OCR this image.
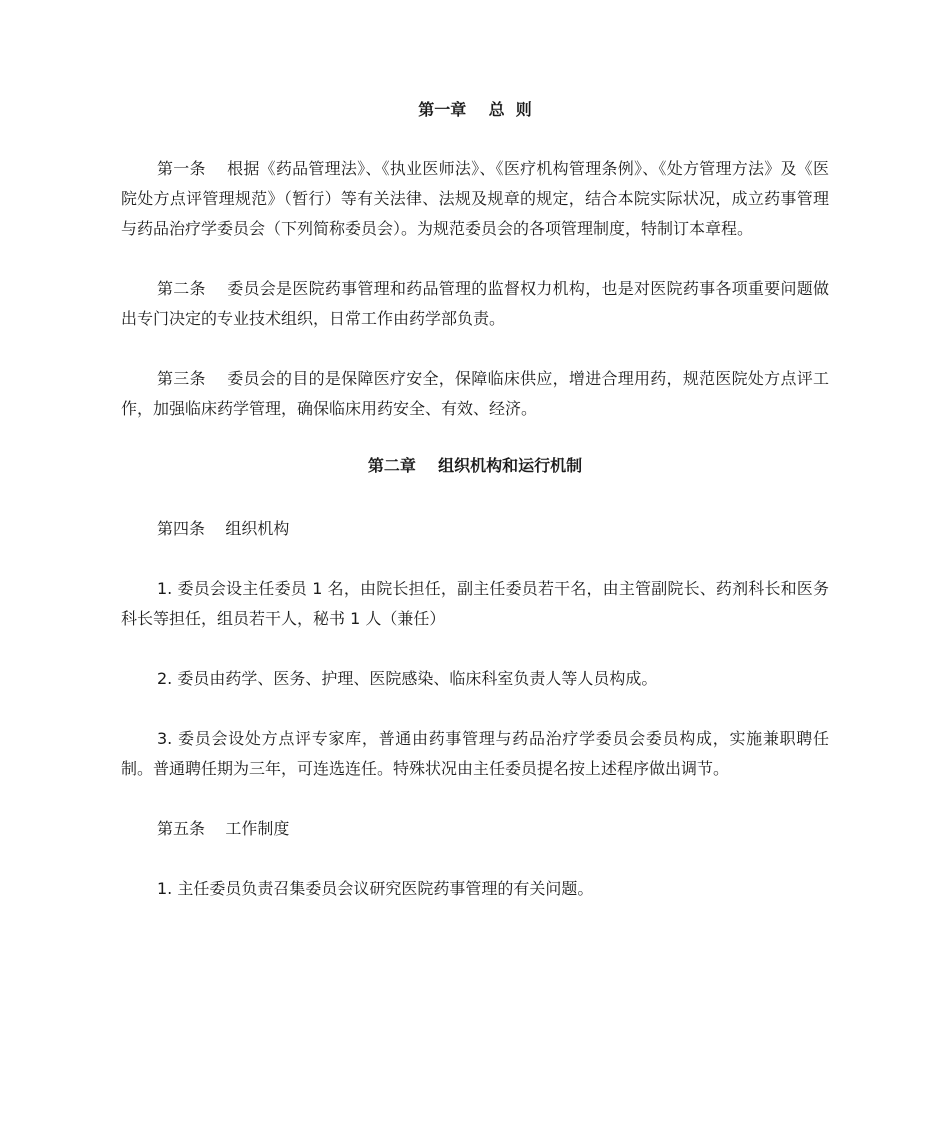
第一章    总  则

第一条    根据《药品管理法》、《执业医师法》、《医疗机构管理条例》、《处方管理方法》及《医院处方点评管理规范》（暂行）等有关法律、法规及规章的规定，结合本院实际状况，成立药事管理与药品治疗学委员会（下列简称委员会）。为规范委员会的各项管理制度，特制订本章程。

第二条    委员会是医院药事管理和药品管理的监督权力机构，也是对医院药事各项重要问题做出专门决定的专业技术组织，日常工作由药学部负责。

第三条    委员会的目的是保障医疗安全，保障临床供应，增进合理用药，规范医院处方点评工作，加强临床药学管理，确保临床用药安全、有效、经济。

第二章    组织机构和运行机制

第四条    组织机构

1. 委员会设主任委员 1 名，由院长担任，副主任委员若干名，由主管副院长、药剂科长和医务科长等担任，组员若干人，秘书 1 人（兼任）

2. 委员由药学、医务、护理、医院感染、临床科室负责人等人员构成。

3. 委员会设处方点评专家库，普通由药事管理与药品治疗学委员会委员构成，实施兼职聘任制。普通聘任期为三年，可连选连任。特殊状况由主任委员提名按上述程序做出调节。

第五条    工作制度

1. 主任委员负责召集委员会议研究医院药事管理的有关问题。
